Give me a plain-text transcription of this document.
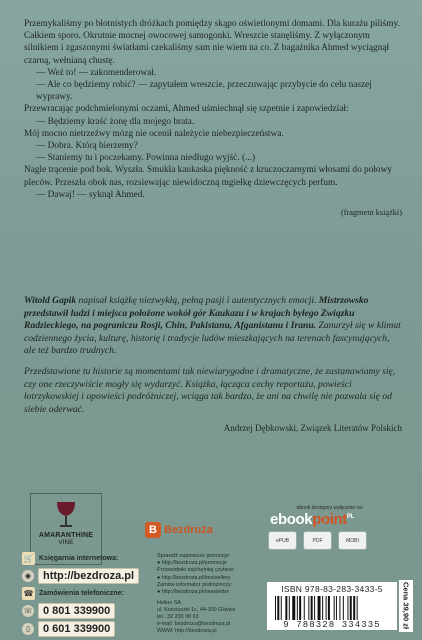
Przemykaliśmy po błotnistych dróżkach pomiędzy skąpo oświetlonymi domami. Dla kurażu piliśmy. Całkiem sporo. Okrutnie mocnej owocowej samogonki. Wreszcie stanęliśmy. Z wyłączonym silnikiem i zgaszonymi światłami czekaliśmy sam nie wiem na co. Z bagażnika Ahmed wyciągnął czarną, wełnianą chustę.

— Weź to! — zakomenderował.

— Ale co będziemy robić? — zapytałem wreszcie, przeczuwając przybycie do celu naszej wyprawy.

Przewracając podchmielonymi oczami, Ahmed uśmiechnął się szpetnie i zapowiedział:

— Będziemy kraść żonę dla mojego brata.

Mój mocno nietrzeźwy mózg nie ocenił należycie niebezpieczeństwa.

— Dobra. Którą bierzemy?

— Staniemy tu i poczekamy. Powinna niedługo wyjść. (...)

Nagle trącenie pod bok. Wyszła. Smukła kaukaska piękność z kruczoczarnymi włosami do połowy pleców. Przeszła obok nas, rozsiewając niewidoczną mgiełkę dziewczęcych perfum.

— Dawaj! — syknął Ahmed.

(fragment książki)

Witold Gapik napisał książkę niezwykłą, pełną pasji i autentycznych emocji. Mistrzowsko przedstawił ludzi i miejsca położone wokół gór Kaukazu i w krajach byłego Związku Radzieckiego, na pograniczu Rosji, Chin, Pakistanu, Afganistanu i Iranu. Zanurzył się w klimat codziennego życia, kulturę, historię i tradycje ludów mieszkających na terenach fascynujących, ale też bardzo trudnych.

Przedstawione tu historie są momentami tak niewiarygodne i dramatyczne, że zastanawiamy się, czy one rzeczywiście mogły się wydarzyć. Książka, łącząca cechy reportażu, powieści łotrzykowskiej i opowieści podróżniczej, wciąga tak bardzo, że ani na chwilę nie pozwala się od siebie oderwać.

Andrzej Dębkowski, Związek Literatów Polskich

AMARANTHINE
VINE
B Bezdroża
ebook dostępny wyłącznie na:
ebookpoint$^{PL}$
ePUB	PDF	MOBI
🛒 Księgarnia internetowa:
◉	http://bezdroza.pl
☎ Zamówienia telefoniczne:
☏ 0 801 339900
▯	0 601 339900
Sprawdź najnowsze promocje:
● http://bezdroza.pl/promocje
Przewodniki najchętniej czytane:
● http://bezdroza.pl/bestsellery
Zamów informator podróżniczy:
● http://bezdroza.pl/newsletter
Helion SA
ul. Kościuszki 1c, 44-100 Gliwice
tel.: 32 230 98 63
e-mail: bezdroza@bezdroza.pl
WWW: http://bezdroza.pl
ISBN 978-83-283-3433-5
9 788328 334335	Cena 39,90 zł
